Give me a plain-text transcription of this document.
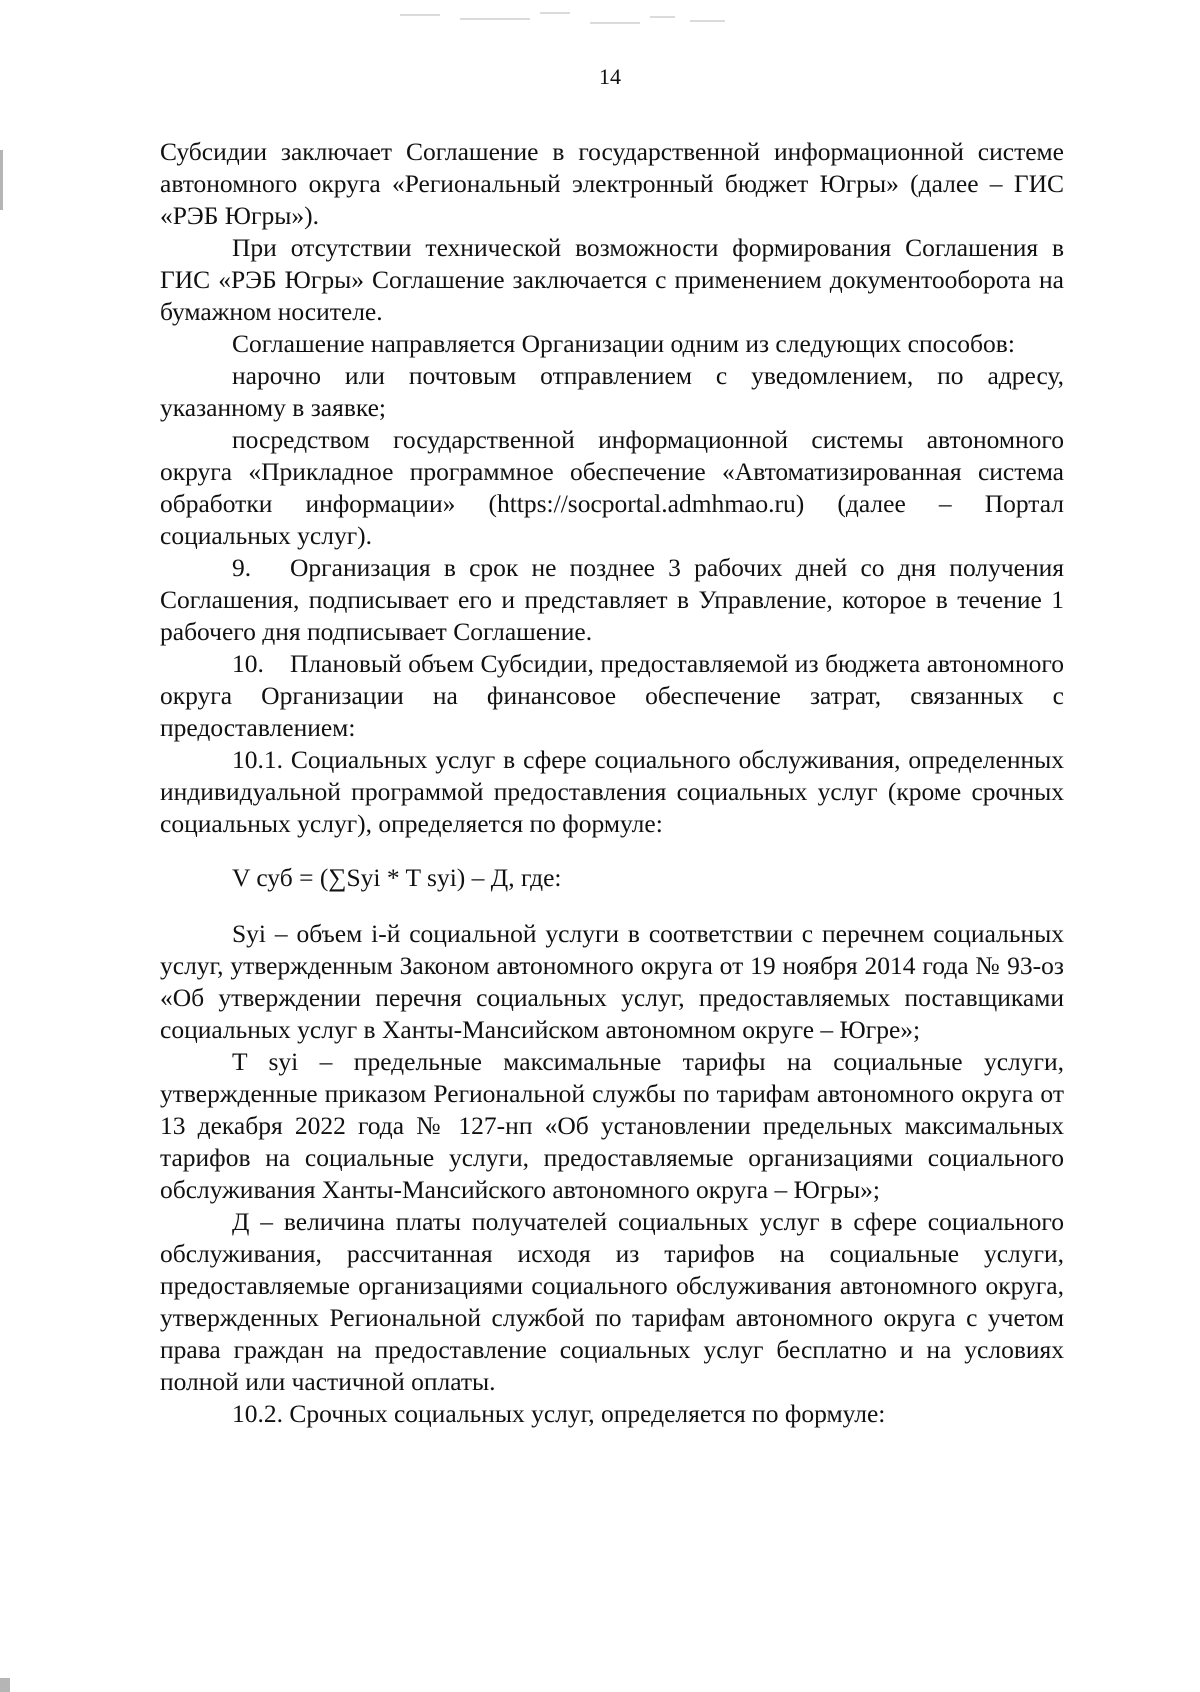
14

Субсидии заключает Соглашение в государственной информационной системе автономного округа «Региональный электронный бюджет Югры» (далее – ГИС «РЭБ Югры»).

При отсутствии технической возможности формирования Соглашения в ГИС «РЭБ Югры» Соглашение заключается с применением документооборота на бумажном носителе.

Соглашение направляется Организации одним из следующих способов:

нарочно или почтовым отправлением с уведомлением, по адресу, указанному в заявке;

посредством государственной информационной системы автономного округа «Прикладное программное обеспечение «Автоматизированная система обработки информации» (https://socportal.admhmao.ru) (далее – Портал социальных услуг).

9. Организация в срок не позднее 3 рабочих дней со дня получения Соглашения, подписывает его и представляет в Управление, которое в течение 1 рабочего дня подписывает Соглашение.

10. Плановый объем Субсидии, предоставляемой из бюджета автономного округа Организации на финансовое обеспечение затрат, связанных с предоставлением:

10.1. Социальных услуг в сфере социального обслуживания, определенных индивидуальной программой предоставления социальных услуг (кроме срочных социальных услуг), определяется по формуле:

V суб = (∑Syi * T syi) – Д, где:

Syi – объем i-й социальной услуги в соответствии с перечнем социальных услуг, утвержденным Законом автономного округа от 19 ноября 2014 года № 93-оз «Об утверждении перечня социальных услуг, предоставляемых поставщиками социальных услуг в Ханты-Мансийском автономном округе – Югре»;

T syi – предельные максимальные тарифы на социальные услуги, утвержденные приказом Региональной службы по тарифам автономного округа от 13 декабря 2022 года № 127-нп «Об установлении предельных максимальных тарифов на социальные услуги, предоставляемые организациями социального обслуживания Ханты-Мансийского автономного округа – Югры»;

Д – величина платы получателей социальных услуг в сфере социального обслуживания, рассчитанная исходя из тарифов на социальные услуги, предоставляемые организациями социального обслуживания автономного округа, утвержденных Региональной службой по тарифам автономного округа с учетом права граждан на предоставление социальных услуг бесплатно и на условиях полной или частичной оплаты.

10.2. Срочных социальных услуг, определяется по формуле:
